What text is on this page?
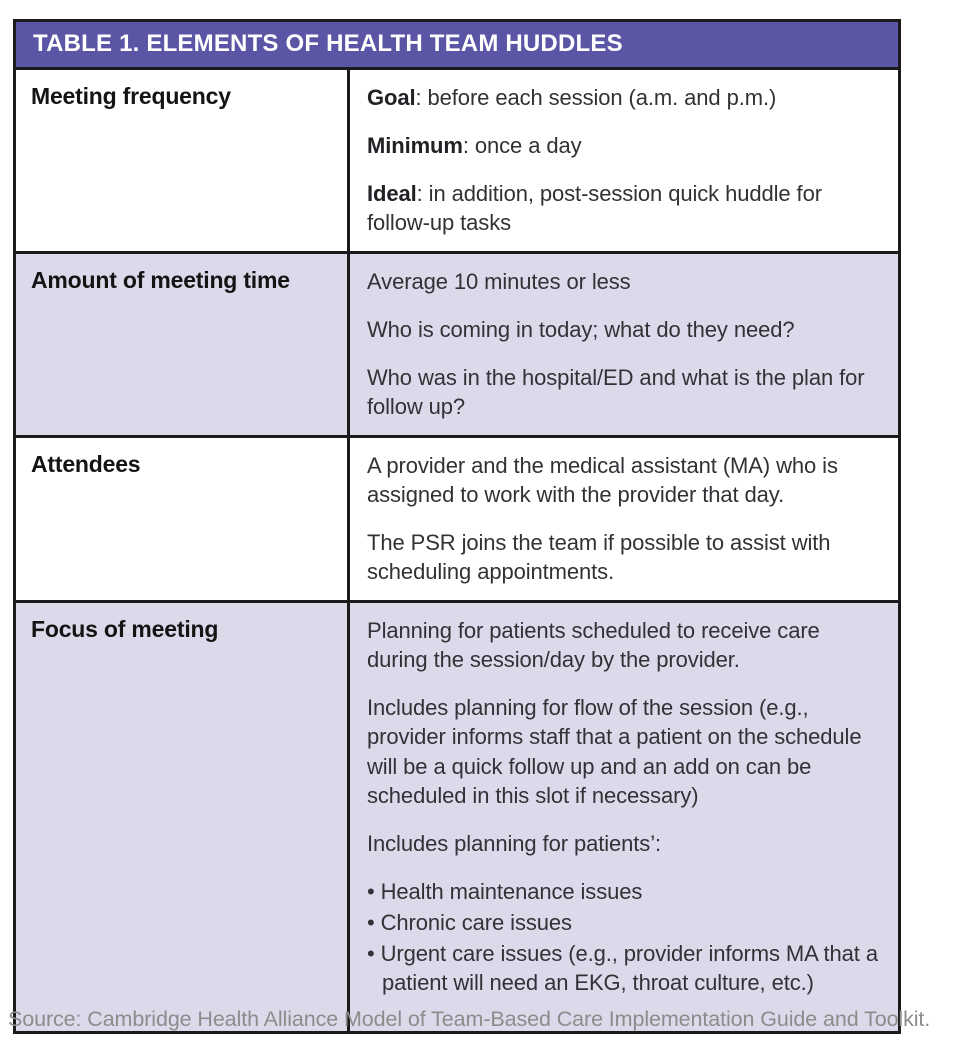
TABLE 1. ELEMENTS OF HEALTH TEAM HUDDLES
Meeting frequency	Goal: before each session (a.m. and p.m.)

Minimum: once a day

Ideal: in addition, post-session quick huddle for follow-up tasks

Amount of meeting time	Average 10 minutes or less

Who is coming in today; what do they need?

Who was in the hospital/ED and what is the plan for follow up?

Attendees	A provider and the medical assistant (MA) who is assigned to work with the provider that day.

The PSR joins the team if possible to assist with scheduling appointments.

Focus of meeting	Planning for patients scheduled to receive care during the session/day by the provider.

Includes planning for flow of the session (e.g., provider informs staff that a patient on the schedule will be a quick follow up and an add on can be scheduled in this slot if necessary)

Includes planning for patients’:

• Health maintenance issues
• Chronic care issues
• Urgent care issues (e.g., provider informs MA that a patient will need an EKG, throat culture, etc.)
Source: Cambridge Health Alliance Model of Team-Based Care Implementation Guide and Toolkit.
